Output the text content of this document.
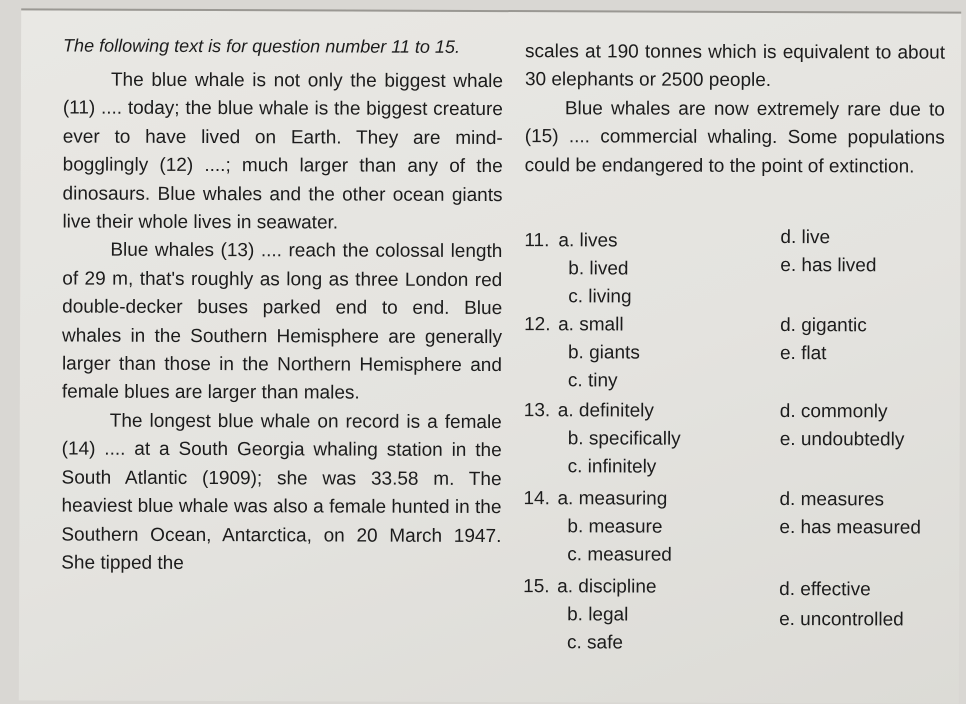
The following text is for question number 11 to 15.

The blue whale is not only the biggest whale (11) .... today; the blue whale is the biggest creature ever to have lived on Earth. They are mind-bogglingly (12) ....; much larger than any of the dinosaurs. Blue whales and the other ocean giants live their whole lives in seawater.

Blue whales (13) .... reach the colossal length of 29 m, that's roughly as long as three London red double-decker buses parked end to end. Blue whales in the Southern Hemisphere are generally larger than those in the Northern Hemisphere and female blues are larger than males.

The longest blue whale on record is a female (14) .... at a South Georgia whaling station in the South Atlantic (1909); she was 33.58 m. The heaviest blue whale was also a female hunted in the Southern Ocean, Antarctica, on 20 March 1947. She tipped the

scales at 190 tonnes which is equivalent to about 30 elephants or 2500 people.

Blue whales are now extremely rare due to (15) .... commercial whaling. Some populations could be endangered to the point of extinction.

11. a. lives
b. lived
c. living
d. live
e. has lived
12. a. small
b. giants
c. tiny
d. gigantic
e. flat
13. a. definitely
b. specifically
c. infinitely
d. commonly
e. undoubtedly
14. a. measuring
b. measure
c. measured
d. measures
e. has measured
15. a. discipline
b. legal
c. safe
d. effective
e. uncontrolled
